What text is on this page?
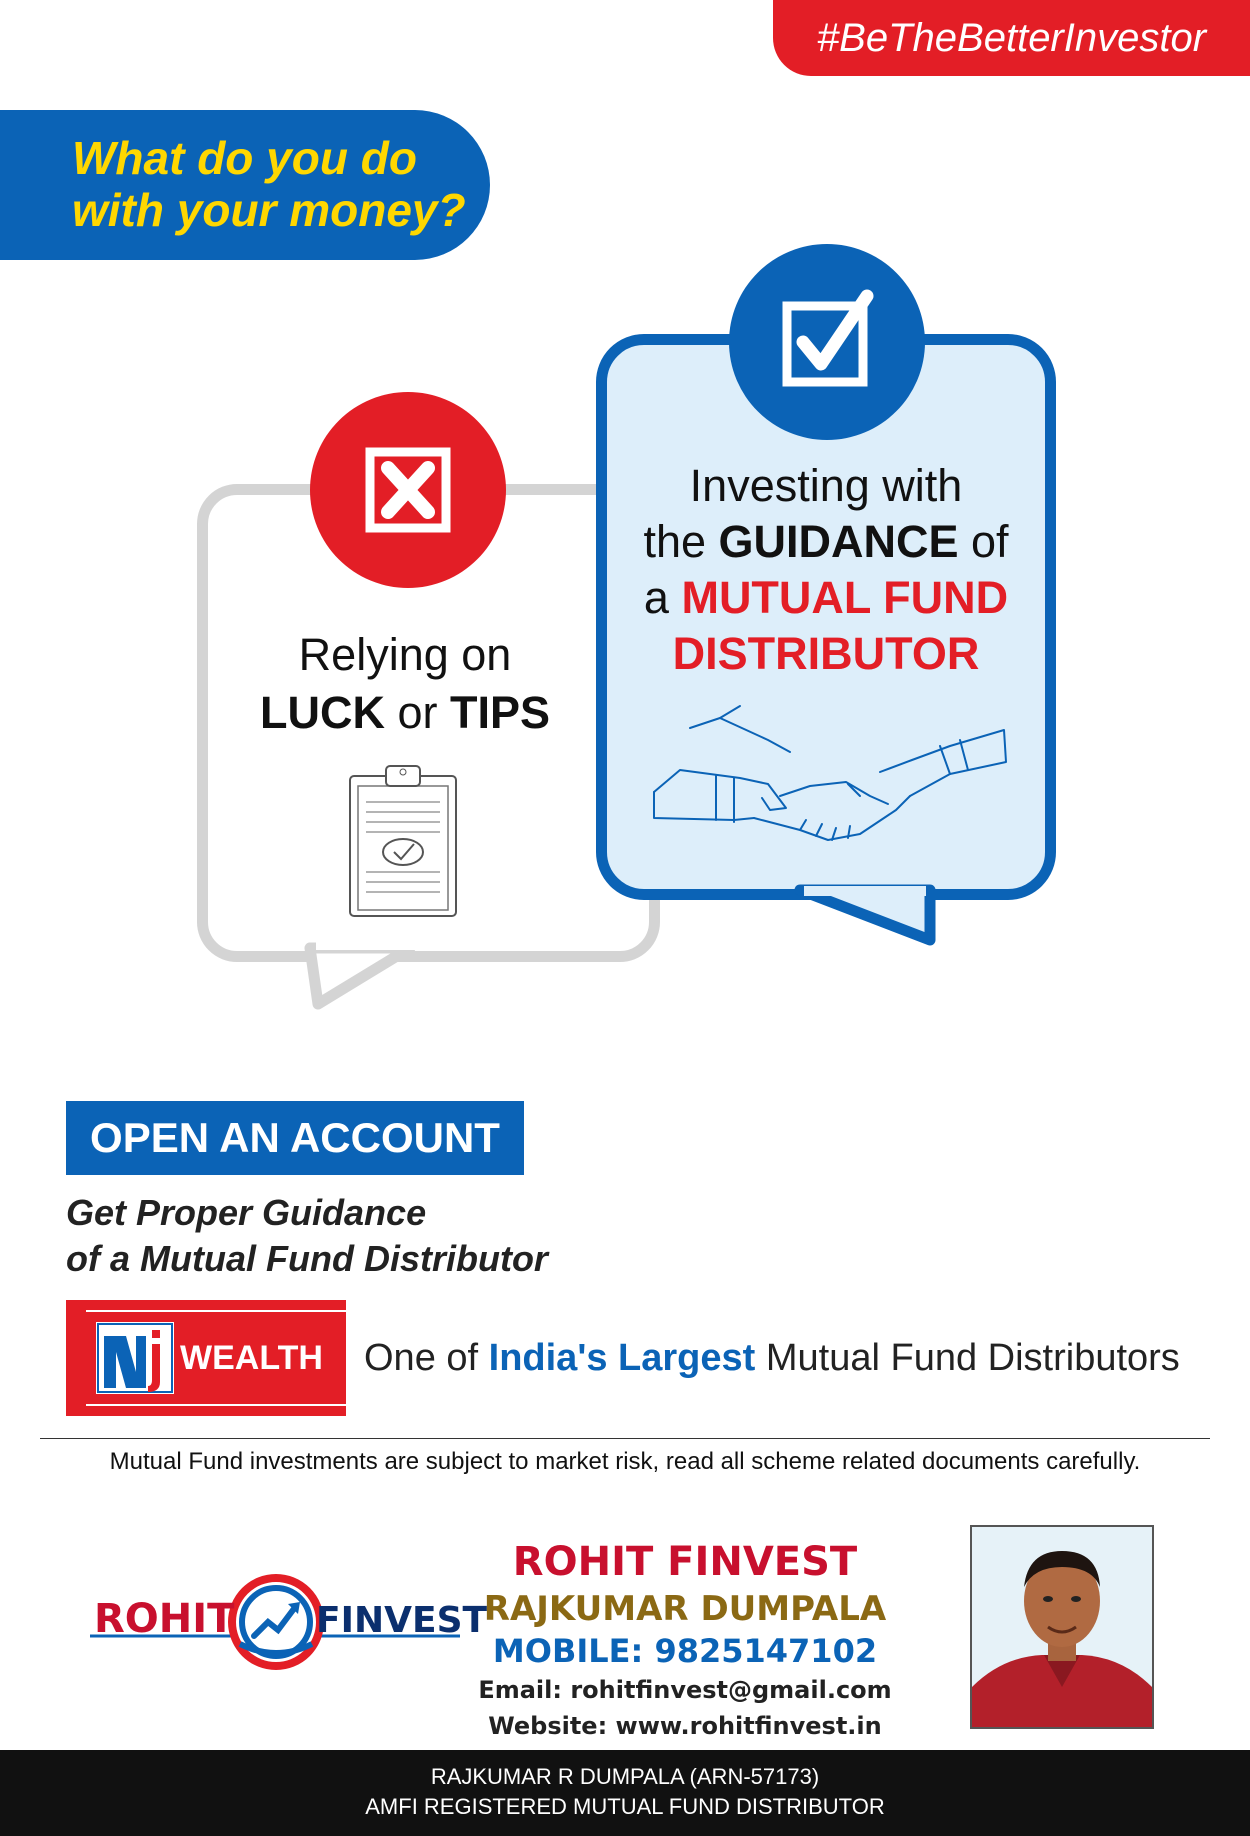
#BeTheBetterInvestor
What do you do
with your money?
Relying on
LUCK or TIPS
Investing with
the GUIDANCE of
a MUTUAL FUND
DISTRIBUTOR
OPEN AN ACCOUNT
Get Proper Guidance
of a Mutual Fund Distributor
WEALTH One of India's Largest Mutual Fund Distributors
Mutual Fund investments are subject to market risk, read all scheme related documents carefully.
ROHIT FINVEST
ROHIT FINVEST
RAJKUMAR DUMPALA
MOBILE: 9825147102
Email: rohitfinvest@gmail.com
Website: www.rohitfinvest.in
RAJKUMAR R DUMPALA (ARN-57173)
AMFI REGISTERED MUTUAL FUND DISTRIBUTOR
